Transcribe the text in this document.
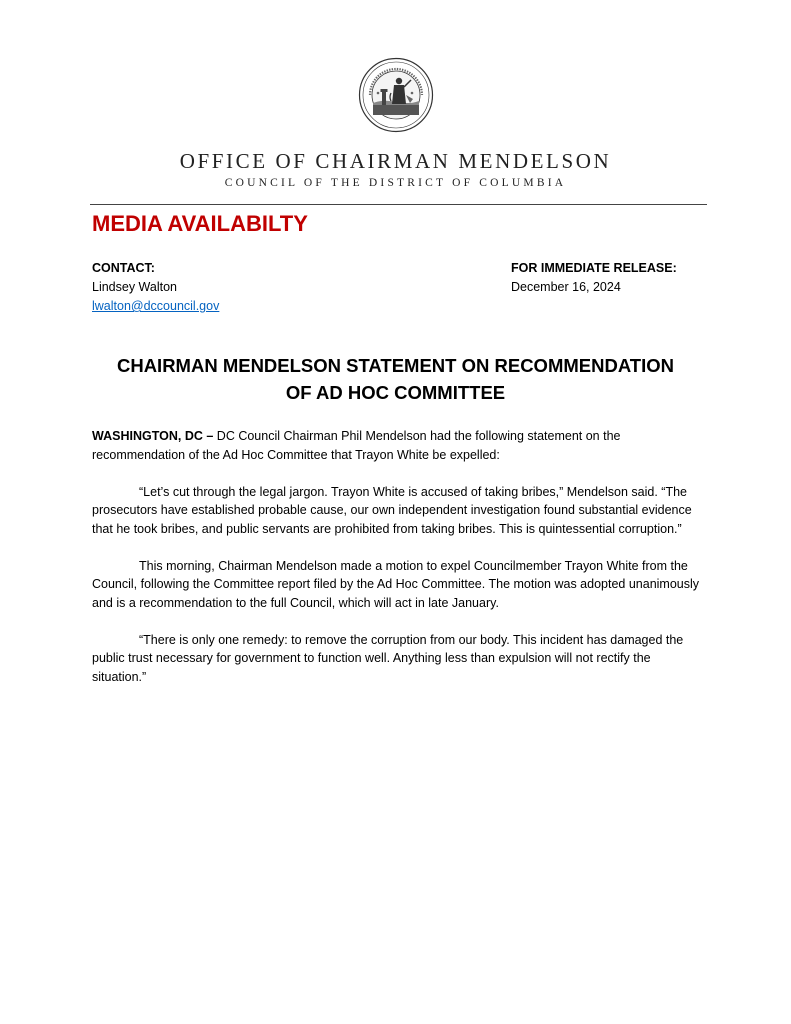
OFFICE OF CHAIRMAN MENDELSON
COUNCIL OF THE DISTRICT OF COLUMBIA
MEDIA AVAILABILTY
CONTACT:
Lindsey Walton
lwalton@dccouncil.gov
FOR IMMEDIATE RELEASE:
December 16, 2024
CHAIRMAN MENDELSON STATEMENT ON RECOMMENDATION
OF AD HOC COMMITTEE

WASHINGTON, DC – DC Council Chairman Phil Mendelson had the following statement on the recommendation of the Ad Hoc Committee that Trayon White be expelled:

“Let’s cut through the legal jargon. Trayon White is accused of taking bribes,” Mendelson said. “The prosecutors have established probable cause, our own independent investigation found substantial evidence that he took bribes, and public servants are prohibited from taking bribes. This is quintessential corruption.”

This morning, Chairman Mendelson made a motion to expel Councilmember Trayon White from the Council, following the Committee report filed by the Ad Hoc Committee. The motion was adopted unanimously and is a recommendation to the full Council, which will act in late January.

“There is only one remedy: to remove the corruption from our body. This incident has damaged the public trust necessary for government to function well. Anything less than expulsion will not rectify the situation.”
